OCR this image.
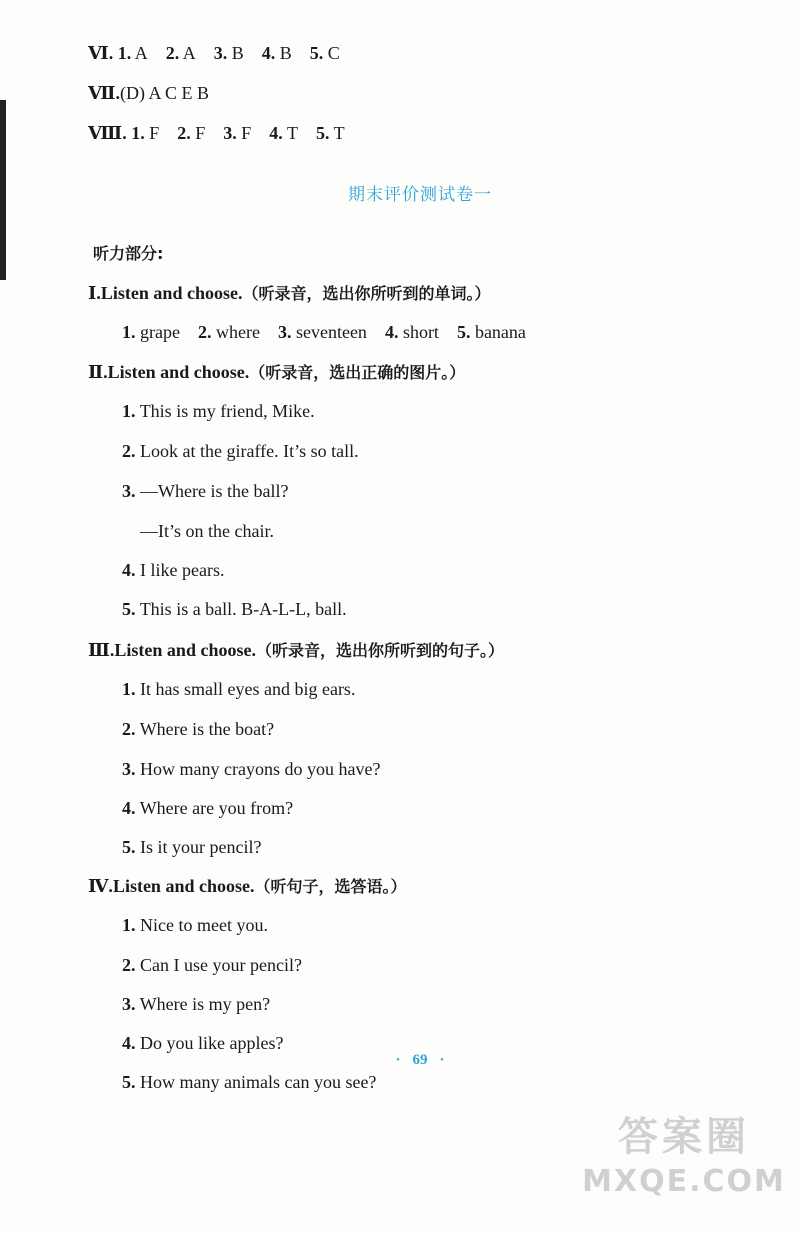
Ⅵ. 1. A 2. A 3. B 4. B 5. C
Ⅶ.(D) A C E B
Ⅷ. 1. F 2. F 3. F 4. T 5. T
期末评价测试卷一
听力部分:
Ⅰ.Listen and choose.（听录音，选出你所听到的单词。）
1. grape 2. where 3. seventeen 4. short 5. banana
Ⅱ.Listen and choose.（听录音，选出正确的图片。）
1. This is my friend, Mike.
2. Look at the giraffe. It’s so tall.
3. —Where is the ball?
—It’s on the chair.
4. I like pears.
5. This is a ball. B-A-L-L, ball.
Ⅲ.Listen and choose.（听录音，选出你所听到的句子。）
1. It has small eyes and big ears.
2. Where is the boat?
3. How many crayons do you have?
4. Where are you from?
5. Is it your pencil?
Ⅳ.Listen and choose.（听句子，选答语。）
1. Nice to meet you.
2. Can I use your pencil?
3. Where is my pen?
4. Do you like apples?
5. How many animals can you see?
· 69 ·
答案圈
MXQE.COM
